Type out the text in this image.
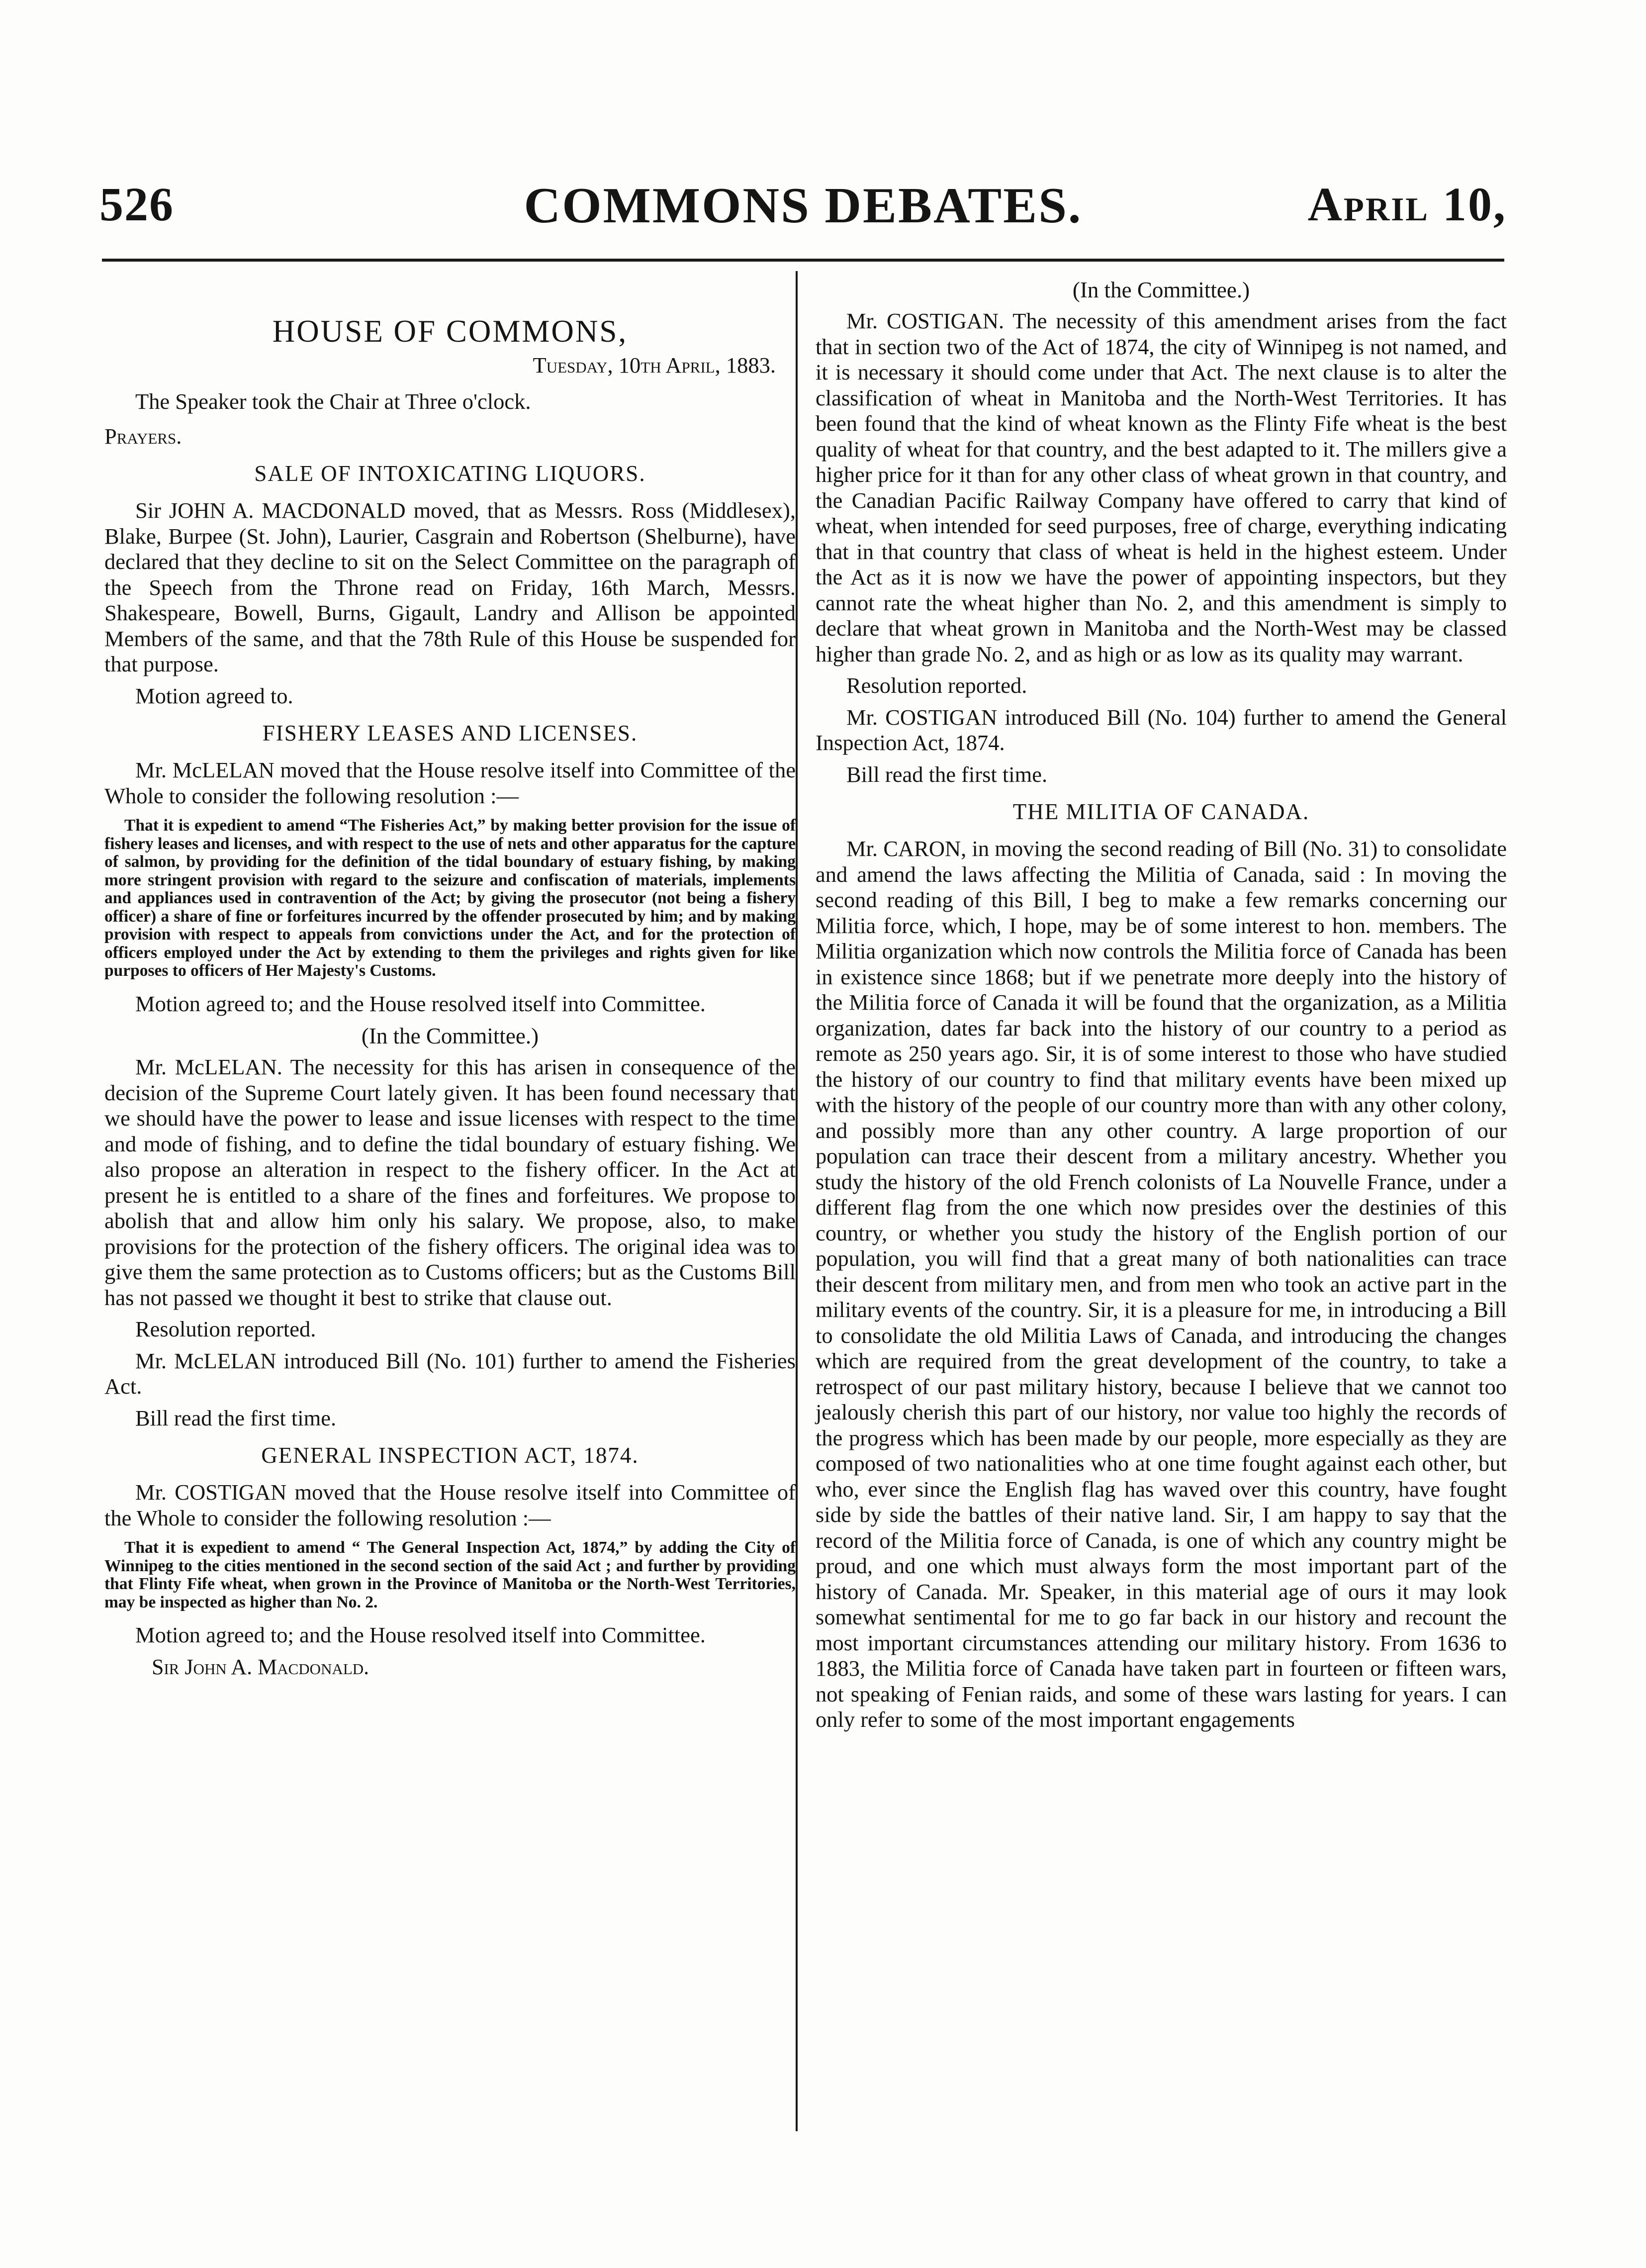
526	COMMONS DEBATES.	April 10,
HOUSE OF COMMONS,
Tuesday, 10th April, 1883.

The Speaker took the Chair at Three o'clock.

Prayers.

SALE OF INTOXICATING LIQUORS.

Sir JOHN A. MACDONALD moved, that as Messrs. Ross (Middlesex), Blake, Burpee (St. John), Laurier, Casgrain and Robertson (Shelburne), have declared that they decline to sit on the Select Committee on the paragraph of the Speech from the Throne read on Friday, 16th March, Messrs. Shakespeare, Bowell, Burns, Gigault, Landry and Allison be appointed Members of the same, and that the 78th Rule of this House be suspended for that purpose.

Motion agreed to.

FISHERY LEASES AND LICENSES.

Mr. McLELAN moved that the House resolve itself into Committee of the Whole to consider the following resolution :—

That it is expedient to amend “The Fisheries Act,” by making better provision for the issue of fishery leases and licenses, and with respect to the use of nets and other apparatus for the capture of salmon, by providing for the definition of the tidal boundary of estuary fishing, by making more stringent provision with regard to the seizure and confiscation of materials, implements and appliances used in contravention of the Act; by giving the prosecutor (not being a fishery officer) a share of fine or forfeitures incurred by the offender prosecuted by him; and by making provision with respect to appeals from convictions under the Act, and for the protection of officers employed under the Act by extending to them the privileges and rights given for like purposes to officers of Her Majesty's Customs.

Motion agreed to; and the House resolved itself into Committee.

(In the Committee.)

Mr. McLELAN. The necessity for this has arisen in consequence of the decision of the Supreme Court lately given. It has been found necessary that we should have the power to lease and issue licenses with respect to the time and mode of fishing, and to define the tidal boundary of estuary fishing. We also propose an alteration in respect to the fishery officer. In the Act at present he is entitled to a share of the fines and forfeitures. We propose to abolish that and allow him only his salary. We propose, also, to make provisions for the protection of the fishery officers. The original idea was to give them the same protection as to Customs officers; but as the Customs Bill has not passed we thought it best to strike that clause out.

Resolution reported.

Mr. McLELAN introduced Bill (No. 101) further to amend the Fisheries Act.

Bill read the first time.

GENERAL INSPECTION ACT, 1874.

Mr. COSTIGAN moved that the House resolve itself into Committee of the Whole to consider the following resolution :—

That it is expedient to amend “ The General Inspection Act, 1874,” by adding the City of Winnipeg to the cities mentioned in the second section of the said Act ; and further by providing that Flinty Fife wheat, when grown in the Province of Manitoba or the North-West Territories, may be inspected as higher than No. 2.

Motion agreed to; and the House resolved itself into Committee.

Sir John A. Macdonald.
(In the Committee.)

Mr. COSTIGAN. The necessity of this amendment arises from the fact that in section two of the Act of 1874, the city of Winnipeg is not named, and it is necessary it should come under that Act. The next clause is to alter the classification of wheat in Manitoba and the North-West Territories. It has been found that the kind of wheat known as the Flinty Fife wheat is the best quality of wheat for that country, and the best adapted to it. The millers give a higher price for it than for any other class of wheat grown in that country, and the Canadian Pacific Railway Company have offered to carry that kind of wheat, when intended for seed purposes, free of charge, everything indicating that in that country that class of wheat is held in the highest esteem. Under the Act as it is now we have the power of appointing inspectors, but they cannot rate the wheat higher than No. 2, and this amendment is simply to declare that wheat grown in Manitoba and the North-West may be classed higher than grade No. 2, and as high or as low as its quality may warrant.

Resolution reported.

Mr. COSTIGAN introduced Bill (No. 104) further to amend the General Inspection Act, 1874.

Bill read the first time.

THE MILITIA OF CANADA.

Mr. CARON, in moving the second reading of Bill (No. 31) to consolidate and amend the laws affecting the Militia of Canada, said : In moving the second reading of this Bill, I beg to make a few remarks concerning our Militia force, which, I hope, may be of some interest to hon. members. The Militia organization which now controls the Militia force of Canada has been in existence since 1868; but if we penetrate more deeply into the history of the Militia force of Canada it will be found that the organization, as a Militia organization, dates far back into the history of our country to a period as remote as 250 years ago. Sir, it is of some interest to those who have studied the history of our country to find that military events have been mixed up with the history of the people of our country more than with any other colony, and possibly more than any other country. A large proportion of our population can trace their descent from a military ancestry. Whether you study the history of the old French colonists of La Nouvelle France, under a different flag from the one which now presides over the destinies of this country, or whether you study the history of the English portion of our population, you will find that a great many of both nationalities can trace their descent from military men, and from men who took an active part in the military events of the country. Sir, it is a pleasure for me, in introducing a Bill to consolidate the old Militia Laws of Canada, and introducing the changes which are required from the great development of the country, to take a retrospect of our past military history, because I believe that we cannot too jealously cherish this part of our history, nor value too highly the records of the progress which has been made by our people, more especially as they are composed of two nationalities who at one time fought against each other, but who, ever since the English flag has waved over this country, have fought side by side the battles of their native land. Sir, I am happy to say that the record of the Militia force of Canada, is one of which any country might be proud, and one which must always form the most important part of the history of Canada. Mr. Speaker, in this material age of ours it may look somewhat sentimental for me to go far back in our history and recount the most important circumstances attending our military history. From 1636 to 1883, the Militia force of Canada have taken part in fourteen or fifteen wars, not speaking of Fenian raids, and some of these wars lasting for years. I can only refer to some of the most important engagements
